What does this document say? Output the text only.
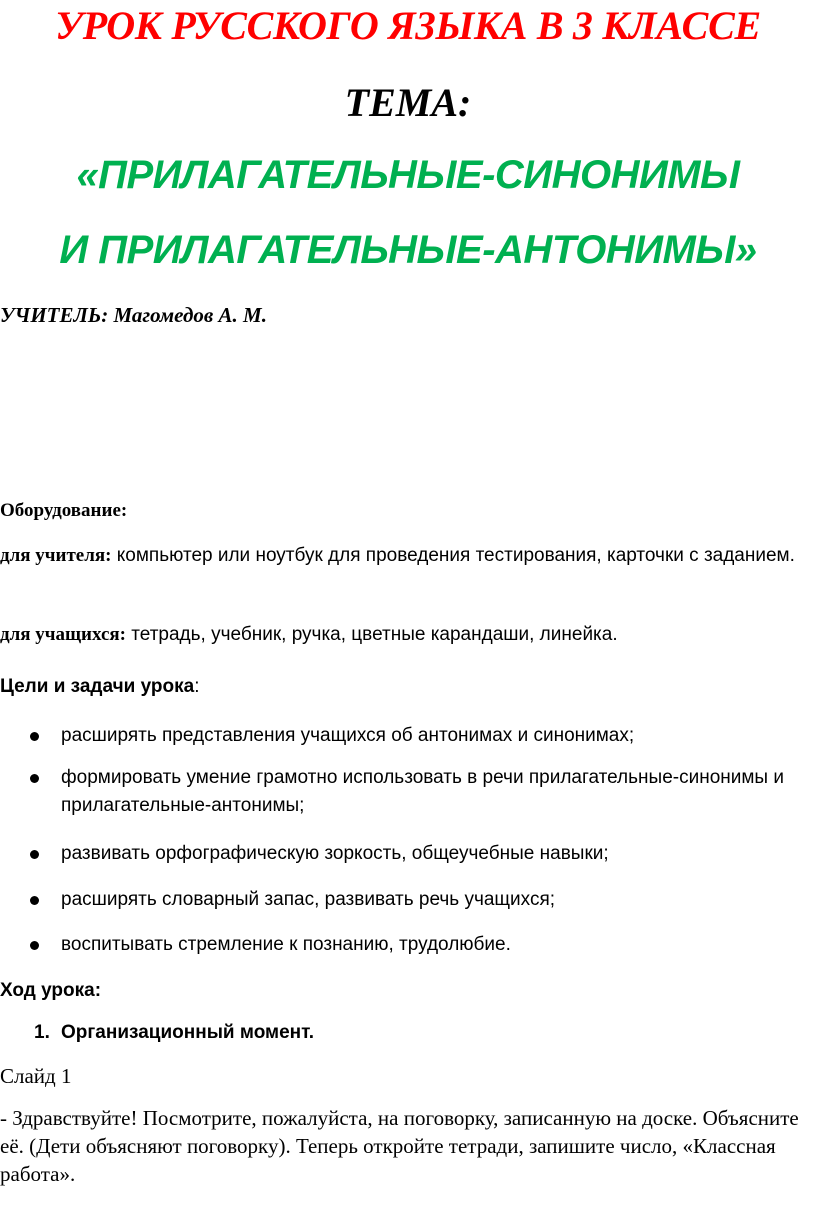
УРОК РУССКОГО ЯЗЫКА В 3 КЛАССЕ
ТЕМА:
«ПРИЛАГАТЕЛЬНЫЕ-СИНОНИМЫ
И ПРИЛАГАТЕЛЬНЫЕ-АНТОНИМЫ»
УЧИТЕЛЬ: Магомедов А. М.
Оборудование:
для учителя: компьютер или ноутбук для проведения тестирования, карточки с заданием.
для учащихся: тетрадь, учебник, ручка, цветные карандаши, линейка.
Цели и задачи урока:
расширять представления учащихся об антонимах и синонимах;
формировать умение грамотно использовать в речи прилагательные-синонимы и прилагательные-антонимы;
развивать орфографическую зоркость, общеучебные навыки;
расширять словарный запас, развивать речь учащихся;
воспитывать стремление к познанию, трудолюбие.
Ход урока:
1. Организационный момент.
Слайд 1
- Здравствуйте! Посмотрите, пожалуйста, на поговорку, записанную на доске. Объясните её. (Дети объясняют поговорку). Теперь откройте тетради, запишите число, «Классная работа».
